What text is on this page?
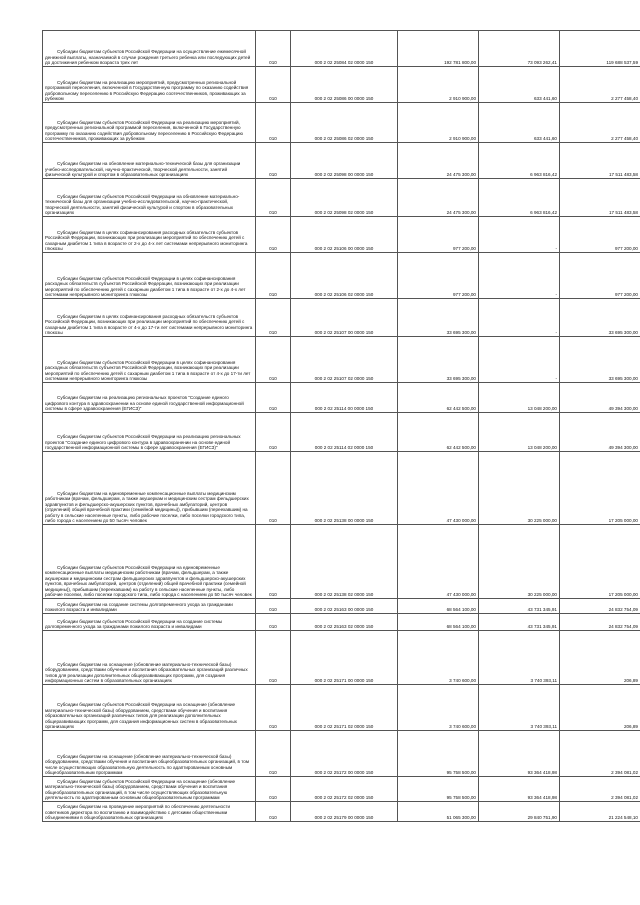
Субсидии бюджетам субъектов Российской Федерации на осуществление ежемесячной денежной выплаты, назначаемой в случае рождения третьего ребенка или последующих детей до достижения ребенком возраста трех лет	010	000 2 02 25084 02 0000 150	192 781 800,00	73 093 262,41	119 688 537,59
Субсидии бюджетам на реализацию мероприятий, предусмотренных региональной программой переселения, включенной в Государственную программу по оказанию содействия добровольному переселению в Российскую Федерацию соотечественников, проживающих за рубежом	010	000 2 02 25086 00 0000 150	2 910 900,00	633 441,60	2 277 458,40
Субсидии бюджетам субъектов Российской Федерации на реализацию мероприятий, предусмотренных региональной программой переселения, включенной в Государственную программу по оказанию содействия добровольному переселению в Российскую Федерацию соотечественников, проживающих за рубежом	010	000 2 02 25086 02 0000 150	2 910 900,00	633 441,60	2 277 458,40
Субсидии бюджетам на обновление материально-технической базы для организации учебно-исследовательской, научно-практической, творческой деятельности, занятий физической культурой и спортом в образовательных организациях	010	000 2 02 25098 00 0000 150	24 475 300,00	6 963 816,42	17 511 483,58
Субсидии бюджетам субъектов Российской Федерации на обновление материально-технической базы для организации учебно-исследовательской, научно-практической, творческой деятельности, занятий физической культурой и спортом в образовательных организациях	010	000 2 02 25098 02 0000 150	24 475 300,00	6 963 816,42	17 511 483,58
Субсидии бюджетам в целях софинансирования расходных обязательств субъектов Российской Федерации, возникающих при реализации мероприятий по обеспечению детей с сахарным диабетом 1 типа в возрасте от 2-х до 4-х лет системами непрерывного мониторинга глюкозы	010	000 2 02 25106 00 0000 150	977 200,00	-	977 200,00
Субсидии бюджетам субъектов Российской Федерации в целях софинансирования расходных обязательств субъектов Российской Федерации, возникающих при реализации мероприятий по обеспечению детей с сахарным диабетом 1 типа в возрасте от 2-х до 4-х лет системами непрерывного мониторинга глюкозы	010	000 2 02 25106 02 0000 150	977 200,00	-	977 200,00
Субсидии бюджетам в целях софинансирования расходных обязательств субъектов Российской Федерации, возникающих при реализации мероприятий по обеспечению детей с сахарным диабетом 1 типа в возрасте от 4-х до 17-ти лет системами непрерывного мониторинга глюкозы	010	000 2 02 25107 00 0000 150	33 695 300,00	-	33 695 300,00
Субсидии бюджетам субъектов Российской Федерации в целях софинансирования расходных обязательств субъектов Российской Федерации, возникающих при реализации мероприятий по обеспечению детей с сахарным диабетом 1 типа в возрасте от 4-х до 17-ти лет системами непрерывного мониторинга глюкозы	010	000 2 02 25107 02 0000 150	33 695 300,00	-	33 695 300,00
Субсидии бюджетам на реализацию региональных проектов "Создание единого цифрового контура в здравоохранении на основе единой государственной информационной системы в сфере здравоохранения (ЕГИСЗ)"	010	000 2 02 25114 00 0000 150	62 442 500,00	13 048 200,00	49 394 300,00
Субсидии бюджетам субъектов Российской Федерации на реализацию региональных проектов "Создание единого цифрового контура в здравоохранении на основе единой государственной информационной системы в сфере здравоохранения (ЕГИСЗ)"	010	000 2 02 25114 02 0000 150	62 442 500,00	13 048 200,00	49 394 300,00
Субсидии бюджетам на единовременные компенсационные выплаты медицинским работникам (врачам, фельдшерам, а также акушеркам и медицинским сестрам фельдшерских здравпунктов и фельдшерско-акушерских пунктов, врачебных амбулаторий, центров (отделений) общей врачебной практики (семейной медицины)), прибывшим (переехавшим) на работу в сельские населенные пункты, либо рабочие поселки, либо поселки городского типа, либо города с населением до 50 тысяч человек	010	000 2 02 25138 00 0000 150	47 430 000,00	30 225 000,00	17 205 000,00
Субсидии бюджетам субъектов Российской Федерации на единовременные компенсационные выплаты медицинским работникам (врачам, фельдшерам, а также акушеркам и медицинским сестрам фельдшерских здравпунктов и фельдшерско-акушерских пунктов, врачебных амбулаторий, центров (отделений) общей врачебной практики (семейной медицины)), прибывшим (переехавшим) на работу в сельские населенные пункты, либо рабочие поселки, либо поселки городского типа, либо города с населением до 50 тысяч человек	010	000 2 02 25138 02 0000 150	47 430 000,00	30 225 000,00	17 205 000,00
Субсидии бюджетам на создание системы долговременного ухода за гражданами пожилого возраста и инвалидами	010	000 2 02 25163 00 0000 150	68 564 100,00	43 731 345,91	24 832 754,09
Субсидии бюджетам субъектов Российской Федерации на создание системы долговременного ухода за гражданами пожилого возраста и инвалидами	010	000 2 02 25163 02 0000 150	68 564 100,00	43 731 345,91	24 832 754,09
Субсидии бюджетам на оснащение (обновление материально-технической базы) оборудованием, средствами обучения и воспитания образовательных организаций различных типов для реализации дополнительных общеразвивающих программ, для создания информационных систем в образовательных организациях	010	000 2 02 25171 00 0000 150	3 740 600,00	3 740 393,11	206,89
Субсидии бюджетам субъектов Российской Федерации на оснащение (обновление материально-технической базы) оборудованием, средствами обучения и воспитания образовательных организаций различных типов для реализации дополнительных общеразвивающих программ, для создания информационных систем в образовательных организациях	010	000 2 02 25171 02 0000 150	3 740 600,00	3 740 393,11	206,89
Субсидии бюджетам на оснащение (обновление материально-технической базы) оборудованием, средствами обучения и воспитания общеобразовательных организаций, в том числе осуществляющих образовательную деятельность по адаптированным основным общеобразовательным программам	010	000 2 02 25172 00 0000 150	95 758 500,00	93 364 418,98	2 394 081,02
Субсидии бюджетам субъектов Российской Федерации на оснащение (обновление материально-технической базы) оборудованием, средствами обучения и воспитания общеобразовательных организаций, в том числе осуществляющих образовательную деятельность по адаптированным основным общеобразовательным программам	010	000 2 02 25172 02 0000 150	95 758 500,00	93 364 418,98	2 394 081,02
Субсидии бюджетам на проведение мероприятий по обеспечению деятельности советников директора по воспитанию и взаимодействию с детскими общественными объединениями в общеобразовательных организациях	010	000 2 02 25179 00 0000 150	51 065 300,00	29 840 751,90	21 224 548,10
